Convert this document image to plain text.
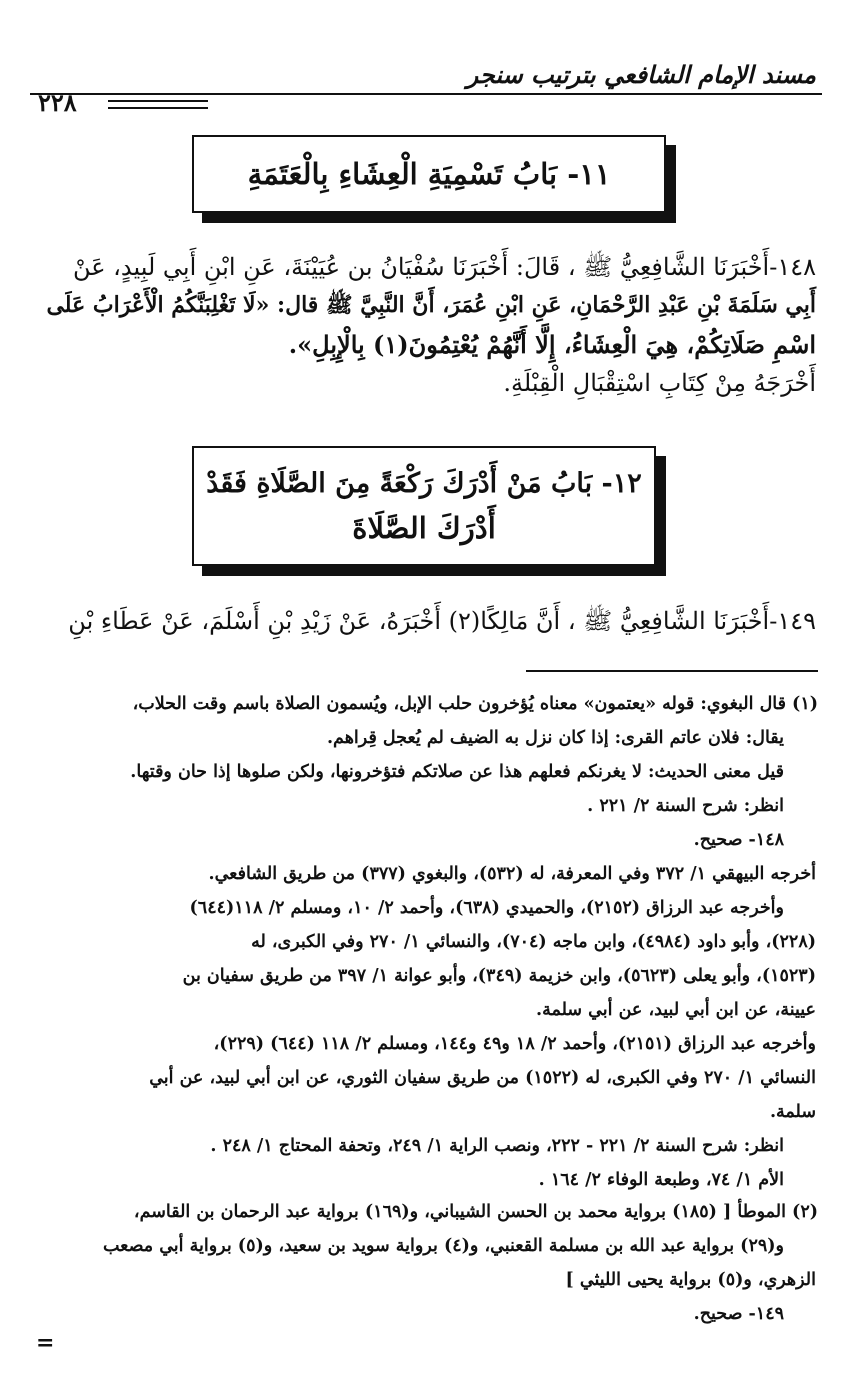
مسند الإمام الشافعي بترتيب سنجر
٢٢٨
١١- بَابُ تَسْمِيَةِ الْعِشَاءِ بِالْعَتَمَةِ
١٤٨-أَخْبَرَنَا الشَّافِعِيُّ ﷺ ، قَالَ: أَخْبَرَنَا سُفْيَانُ بن عُيَيْنَةَ، عَنِ ابْنِ أَبِي لَبِيدٍ، عَنْ
أَبِي سَلَمَةَ بْنِ عَبْدِ الرَّحْمَانِ، عَنِ ابْنِ عُمَرَ، أَنَّ النَّبِيَّ ﷺ قال: «لَا تَغْلِبَنَّكُمُ الْأَعْرَابُ عَلَى
اسْمِ صَلَاتِكُمْ، هِيَ الْعِشَاءُ، إِلَّا أَنَّهُمْ يُعْتِمُونَ(١) بِالْإِبِلِ».
أَخْرَجَهُ مِنْ كِتَابِ اسْتِقْبَالِ الْقِبْلَةِ.
١٢- بَابُ مَنْ أَدْرَكَ رَكْعَةً مِنَ الصَّلَاةِ فَقَدْ
أَدْرَكَ الصَّلَاةَ
١٤٩-أَخْبَرَنَا الشَّافِعِيُّ ﷺ ، أَنَّ مَالِكًا(٢) أَخْبَرَهُ، عَنْ زَيْدِ بْنِ أَسْلَمَ، عَنْ عَطَاءِ بْنِ
(١)
قال البغوي: قوله «يعتمون» معناه يُؤخرون حلب الإبل، ويُسمون الصلاة باسم وقت الحلاب،
يقال: فلان عاتم القرى: إذا كان نزل به الضيف لم يُعجل قِراهم.
قيل معنى الحديث: لا يغرنكم فعلهم هذا عن صلاتكم فتؤخرونها، ولكن صلوها إذا حان وقتها.
انظر: شرح السنة ٢/ ٢٢١ .
١٤٨- صحيح.
أخرجه البيهقي ١/ ٣٧٢ وفي المعرفة، له (٥٣٢)، والبغوي (٣٧٧) من طريق الشافعي.
وأخرجه عبد الرزاق (٢١٥٢)، والحميدي (٦٣٨)، وأحمد ٢/ ١٠، ومسلم ٢/ ١١٨(٦٤٤)
(٢٢٨)، وأبو داود (٤٩٨٤)، وابن ماجه (٧٠٤)، والنسائي ١/ ٢٧٠ وفي الكبرى، له
(١٥٢٣)، وأبو يعلى (٥٦٢٣)، وابن خزيمة (٣٤٩)، وأبو عوانة ١/ ٣٩٧ من طريق سفيان بن
عيينة، عن ابن أبي لبيد، عن أبي سلمة.
وأخرجه عبد الرزاق (٢١٥١)، وأحمد ٢/ ١٨ و٤٩ و١٤٤، ومسلم ٢/ ١١٨ (٦٤٤) (٢٢٩)،
النسائي ١/ ٢٧٠ وفي الكبرى، له (١٥٢٢) من طريق سفيان الثوري، عن ابن أبي لبيد، عن أبي
سلمة.
انظر: شرح السنة ٢/ ٢٢١ - ٢٢٢، ونصب الراية ١/ ٢٤٩، وتحفة المحتاج ١/ ٢٤٨ .
الأم ١/ ٧٤، وطبعة الوفاء ٢/ ١٦٤ .
(٢)
الموطأ [ (١٨٥) برواية محمد بن الحسن الشيباني، و(١٦٩) برواية عبد الرحمان بن القاسم،
و(٢٩) برواية عبد الله بن مسلمة القعنبي، و(٤) برواية سويد بن سعيد، و(٥) برواية أبي مصعب
الزهري، و(٥) برواية يحيى الليثي ]
١٤٩- صحيح.
=
